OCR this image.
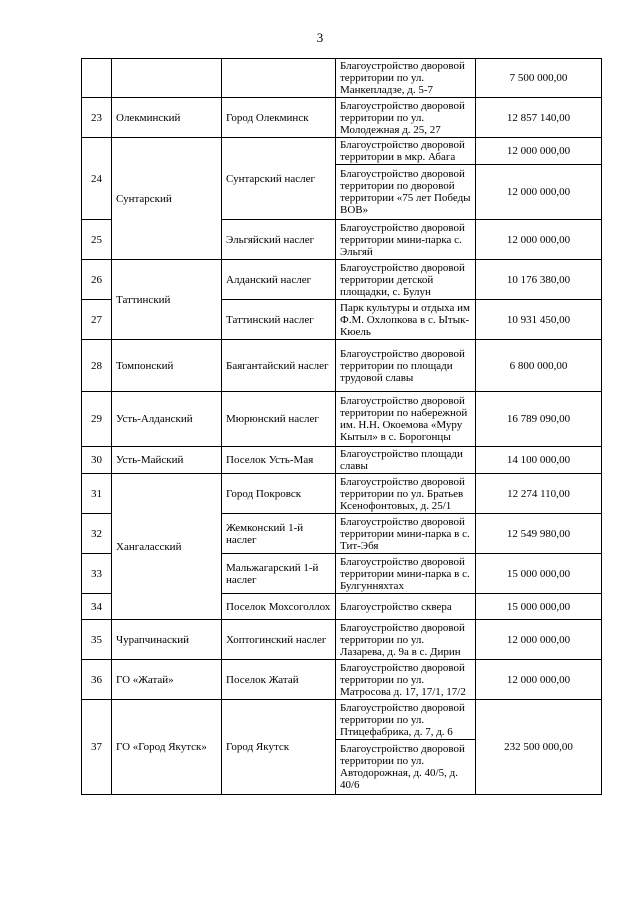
3
			Благоустройство дворовой территории по ул. Манкепладзе, д. 5-7	7 500 000,00
23	Олекминский	Город Олекминск	Благоустройство дворовой территории по ул. Молодежная д. 25, 27	12 857 140,00
24	Сунтарский	Сунтарский наслег	Благоустройство дворовой территории в мкр. Абага	12 000 000,00
			Благоустройство дворовой территории по дворовой территории «75 лет Победы ВОВ»	12 000 000,00
25		Эльгяйский наслег	Благоустройство дворовой территории мини-парка с. Эльгяй	12 000 000,00
26	Таттинский	Алданский наслег	Благоустройство дворовой территории детской площадки, с. Булун	10 176 380,00
27		Таттинский наслег	Парк культуры и отдыха им Ф.М. Охлопкова в с. Ытык-Кюель	10 931 450,00
28	Томпонский	Баягантайский наслег	Благоустройство дворовой территории по площади трудовой славы	6 800 000,00
29	Усть-Алданский	Мюрюнский наслег	Благоустройство дворовой территории по набережной им. Н.Н. Окоемова «Муру Кытыл» в с. Борогонцы	16 789 090,00
30	Усть-Майский	Поселок Усть-Мая	Благоустройство площади славы	14 100 000,00
31	Хангаласский	Город Покровск	Благоустройство дворовой территории по ул. Братьев Ксенофонтовых, д. 25/1	12 274 110,00
32		Жемконский 1-й наслег	Благоустройство дворовой территории мини-парка в с. Тит-Эбя	12 549 980,00
33		Мальжагарский 1-й наслег	Благоустройство дворовой территории мини-парка в с. Булгунняхтах	15 000 000,00
34		Поселок Мохсоголлох	Благоустройство сквера	15 000 000,00
35	Чурапчинаский	Хоптогинский наслег	Благоустройство дворовой территории по ул. Лазарева, д. 9а в с. Дирин	12 000 000,00
36	ГО «Жатай»	Поселок Жатай	Благоустройство дворовой территории по ул. Матросова д. 17, 17/1, 17/2	12 000 000,00
37	ГО «Город Якутск»	Город Якутск	Благоустройство дворовой территории по ул. Птицефабрика, д. 7, д. 6	232 500 000,00
			Благоустройство дворовой территории по ул. Автодорожная, д. 40/5, д. 40/6	
